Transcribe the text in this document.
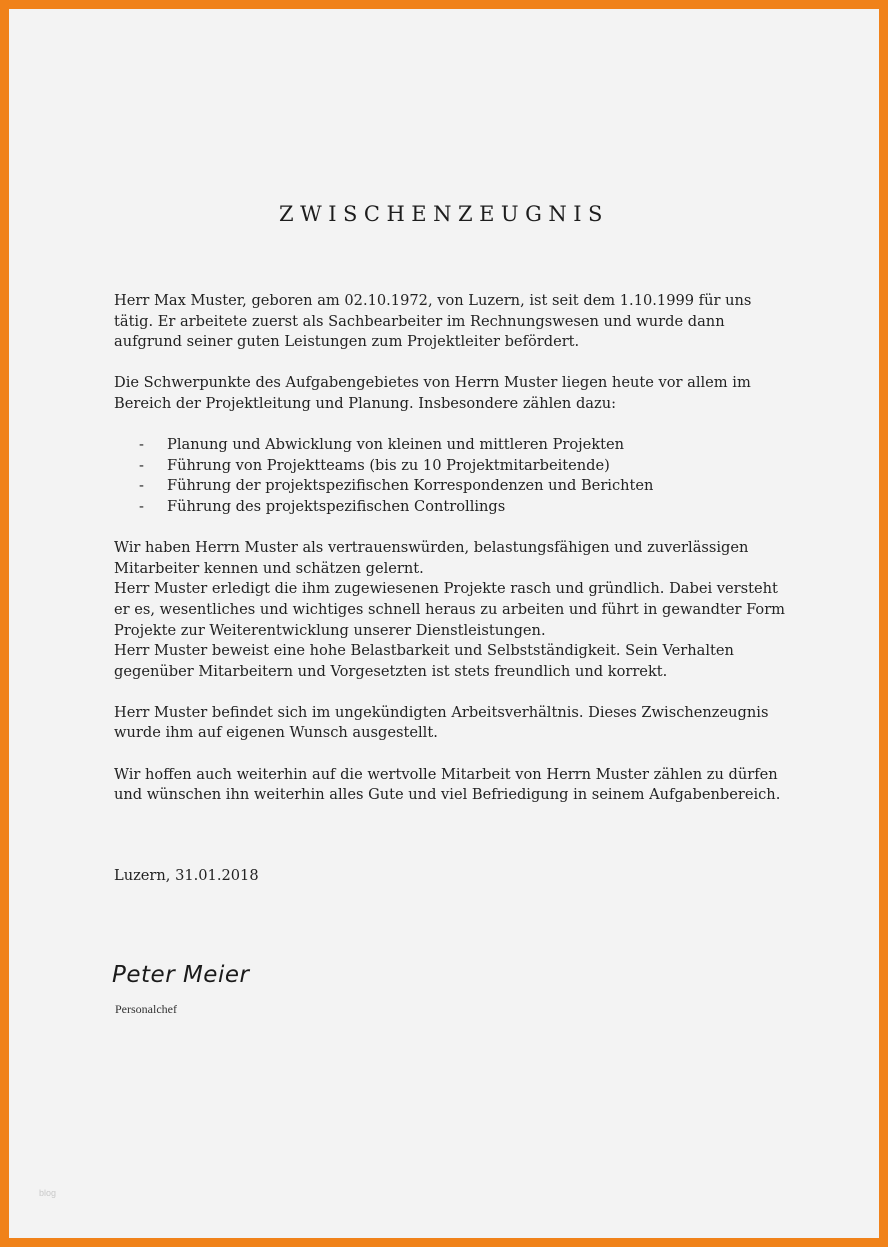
ZWISCHENZEUGNIS

Herr Max Muster, geboren am 02.10.1972, von Luzern, ist seit dem 1.10.1999 für uns tätig. Er arbeitete zuerst als Sachbearbeiter im Rechnungswesen und wurde dann aufgrund seiner guten Leistungen zum Projektleiter befördert.

Die Schwerpunkte des Aufgabengebietes von Herrn Muster liegen heute vor allem im Bereich der Projektleitung und Planung. Insbesondere zählen dazu:

- Planung und Abwicklung von kleinen und mittleren Projekten
- Führung von Projektteams (bis zu 10 Projektmitarbeitende)
- Führung der projektspezifischen Korrespondenzen und Berichten
- Führung des projektspezifischen Controllings

Wir haben Herrn Muster als vertrauenswürden, belastungsfähigen und zuverlässigen Mitarbeiter kennen und schätzen gelernt.

Herr Muster erledigt die ihm zugewiesenen Projekte rasch und gründlich. Dabei versteht er es, wesentliches und wichtiges schnell heraus zu arbeiten und führt in gewandter Form Projekte zur Weiterentwicklung unserer Dienstleistungen.

Herr Muster beweist eine hohe Belastbarkeit und Selbstständigkeit. Sein Verhalten gegenüber Mitarbeitern und Vorgesetzten ist stets freundlich und korrekt.

Herr Muster befindet sich im ungekündigten Arbeitsverhältnis. Dieses Zwischenzeugnis wurde ihm auf eigenen Wunsch ausgestellt.

Wir hoffen auch weiterhin auf die wertvolle Mitarbeit von Herrn Muster zählen zu dürfen und wünschen ihn weiterhin alles Gute und viel Befriedigung in seinem Aufgabenbereich.

Luzern, 31.01.2018
Peter Meier
Personalchef
blog
